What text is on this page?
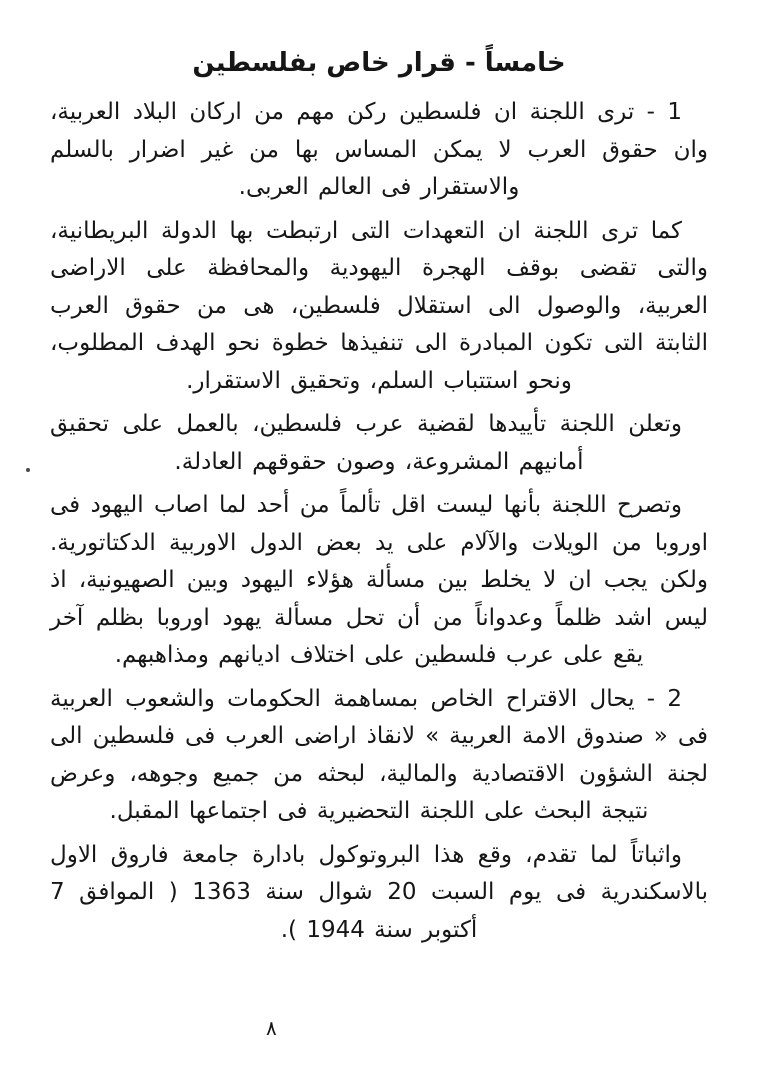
خامساً - قرار خاص بفلسطين

1 - ترى اللجنة ان فلسطين ركن مهم من اركان البلاد العربية، وان حقوق العرب لا يمكن المساس بها من غير اضرار بالسلم والاستقرار فى العالم العربى.

كما ترى اللجنة ان التعهدات التى ارتبطت بها الدولة البريطانية، والتى تقضى بوقف الهجرة اليهودية والمحافظة على الاراضى العربية، والوصول الى استقلال فلسطين، هى من حقوق العرب الثابتة التى تكون المبادرة الى تنفيذها خطوة نحو الهدف المطلوب، ونحو استتباب السلم، وتحقيق الاستقرار.

وتعلن اللجنة تأييدها لقضية عرب فلسطين، بالعمل على تحقيق أمانيهم المشروعة، وصون حقوقهم العادلة.

وتصرح اللجنة بأنها ليست اقل تألماً من أحد لما اصاب اليهود فى اوروبا من الويلات والآلام على يد بعض الدول الاوربية الدكتاتورية. ولكن يجب ان لا يخلط بين مسألة هؤلاء اليهود وبين الصهيونية، اذ ليس اشد ظلماً وعدواناً من أن تحل مسألة يهود اوروبا بظلم آخر يقع على عرب فلسطين على اختلاف اديانهم ومذاهبهم.

2 - يحال الاقتراح الخاص بمساهمة الحكومات والشعوب العربية فى « صندوق الامة العربية » لانقاذ اراضى العرب فى فلسطين الى لجنة الشؤون الاقتصادية والمالية، لبحثه من جميع وجوهه، وعرض نتيجة البحث على اللجنة التحضيرية فى اجتماعها المقبل.

واثباتاً لما تقدم، وقع هذا البروتوكول بادارة جامعة فاروق الاول بالاسكندرية فى يوم السبت 20 شوال سنة 1363 ( الموافق 7 أكتوبر سنة 1944 ).

٨
